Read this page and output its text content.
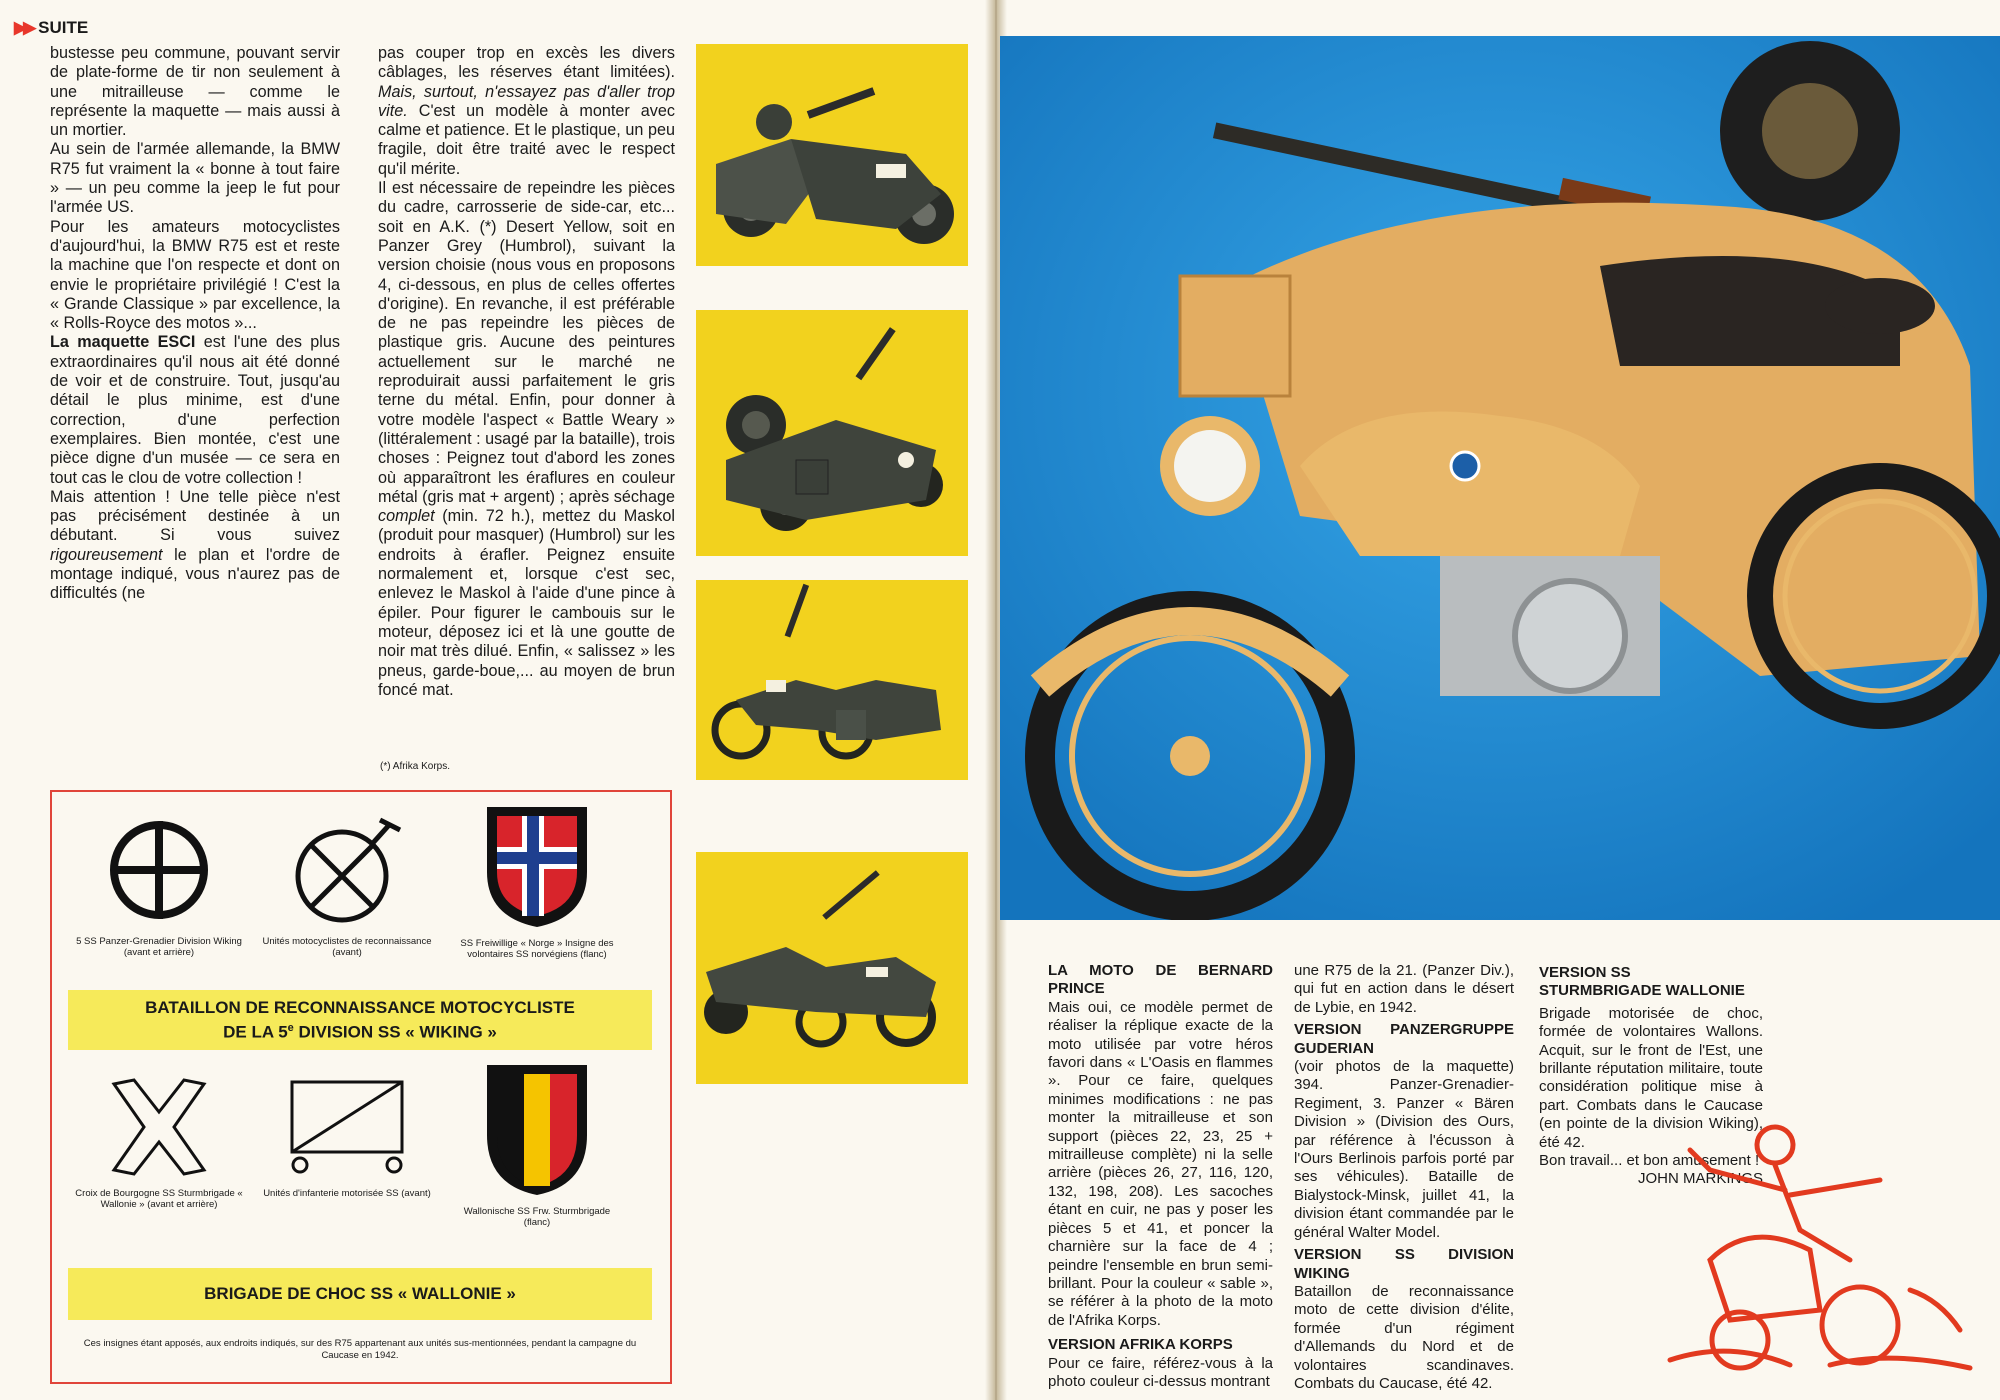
▶▶ SUITE

bustesse peu commune, pouvant servir de plate-forme de tir non seulement à une mitrailleuse — comme le représente la maquette — mais aussi à un mortier.

Au sein de l'armée allemande, la BMW R75 fut vraiment la « bonne à tout faire » — un peu comme la jeep le fut pour l'armée US.

Pour les amateurs motocyclistes d'aujourd'hui, la BMW R75 est et reste la machine que l'on respecte et dont on envie le propriétaire privilégié ! C'est la « Grande Classique » par excellence, la « Rolls-Royce des motos »...

La maquette ESCI est l'une des plus extraordinaires qu'il nous ait été donné de voir et de construire. Tout, jusqu'au détail le plus minime, est d'une correction, d'une perfection exemplaires. Bien montée, c'est une pièce digne d'un musée — ce sera en tout cas le clou de votre collection !

Mais attention ! Une telle pièce n'est pas précisément destinée à un débutant. Si vous suivez rigoureusement le plan et l'ordre de montage indiqué, vous n'aurez pas de difficultés (ne

pas couper trop en excès les divers câblages, les réserves étant limitées). Mais, surtout, n'essayez pas d'aller trop vite. C'est un modèle à monter avec calme et patience. Et le plastique, un peu fragile, doit être traité avec le respect qu'il mérite.

Il est nécessaire de repeindre les pièces du cadre, carrosserie de side-car, etc... soit en A.K. (*) Desert Yellow, soit en Panzer Grey (Humbrol), suivant la version choisie (nous vous en proposons 4, ci-dessous, en plus de celles offertes d'origine). En revanche, il est préférable de ne pas repeindre les pièces de plastique gris. Aucune des peintures actuellement sur le marché ne reproduirait aussi parfaitement le gris terne du métal. Enfin, pour donner à votre modèle l'aspect « Battle Weary » (littéralement : usagé par la bataille), trois choses : Peignez tout d'abord les zones où apparaîtront les éraflures en couleur métal (gris mat + argent) ; après séchage complet (min. 72 h.), mettez du Maskol (produit pour masquer) (Humbrol) sur les endroits à érafler. Peignez ensuite normalement et, lorsque c'est sec, enlevez le Maskol à l'aide d'une pince à épiler. Pour figurer le cambouis sur le moteur, déposez ici et là une goutte de noir mat très dilué. Enfin, « salissez » les pneus, garde-boue,... au moyen de brun foncé mat.

(*) Afrika Korps.
5 SS Panzer-Grenadier Division Wiking (avant et arrière)
Unités motocyclistes de reconnaissance (avant)
SS Freiwillige « Norge » Insigne des volontaires SS norvégiens (flanc)
BATAILLON DE RECONNAISSANCE MOTOCYCLISTE
DE LA 5e DIVISION SS « WIKING »
Croix de Bourgogne SS Sturmbrigade « Wallonie » (avant et arrière)
Unités d'infanterie motorisée SS (avant)
Wallonische SS Frw. Sturmbrigade (flanc)
BRIGADE DE CHOC SS « WALLONIE »
Ces insignes étant apposés, aux endroits indiqués, sur des R75 appartenant aux unités sus-mentionnées, pendant la campagne du Caucase en 1942.
LA MOTO DE BERNARD PRINCE

Mais oui, ce modèle permet de réaliser la réplique exacte de la moto utilisée par votre héros favori dans « L'Oasis en flammes ». Pour ce faire, quelques minimes modifications : ne pas monter la mitrailleuse et son support (pièces 22, 23, 25 + mitrailleuse complète) ni la selle arrière (pièces 26, 27, 116, 120, 132, 198, 208). Les sacoches étant en cuir, ne pas y poser les pièces 5 et 41, et poncer la charnière sur la face de 4 ; peindre l'ensemble en brun semi-brillant. Pour la couleur « sable », se référer à la photo de la moto de l'Afrika Korps.

VERSION AFRIKA KORPS

Pour ce faire, référez-vous à la photo couleur ci-dessus montrant

une R75 de la 21. (Panzer Div.), qui fut en action dans le désert de Lybie, en 1942.

VERSION PANZERGRUPPE GUDERIAN

(voir photos de la maquette) 394. Panzer-Grenadier-Regiment, 3. Panzer « Bären Division » (Division des Ours, par référence à l'écusson à l'Ours Berlinois parfois porté par ses véhicules). Bataille de Bialystock-Minsk, juillet 41, la division étant commandée par le général Walter Model.

VERSION SS DIVISION WIKING

Bataillon de reconnaissance moto de cette division d'élite, formée d'un régiment d'Allemands du Nord et de volontaires scandinaves. Combats du Caucase, été 42.

VERSION SS
STURMBRIGADE WALLONIE

Brigade motorisée de choc, formée de volontaires Wallons. Acquit, sur le front de l'Est, une brillante réputation militaire, toute considération politique mise à part. Combats dans le Caucase (en pointe de la division Wiking), été 42.

Bon travail... et bon amusement !

JOHN MARKINGS
